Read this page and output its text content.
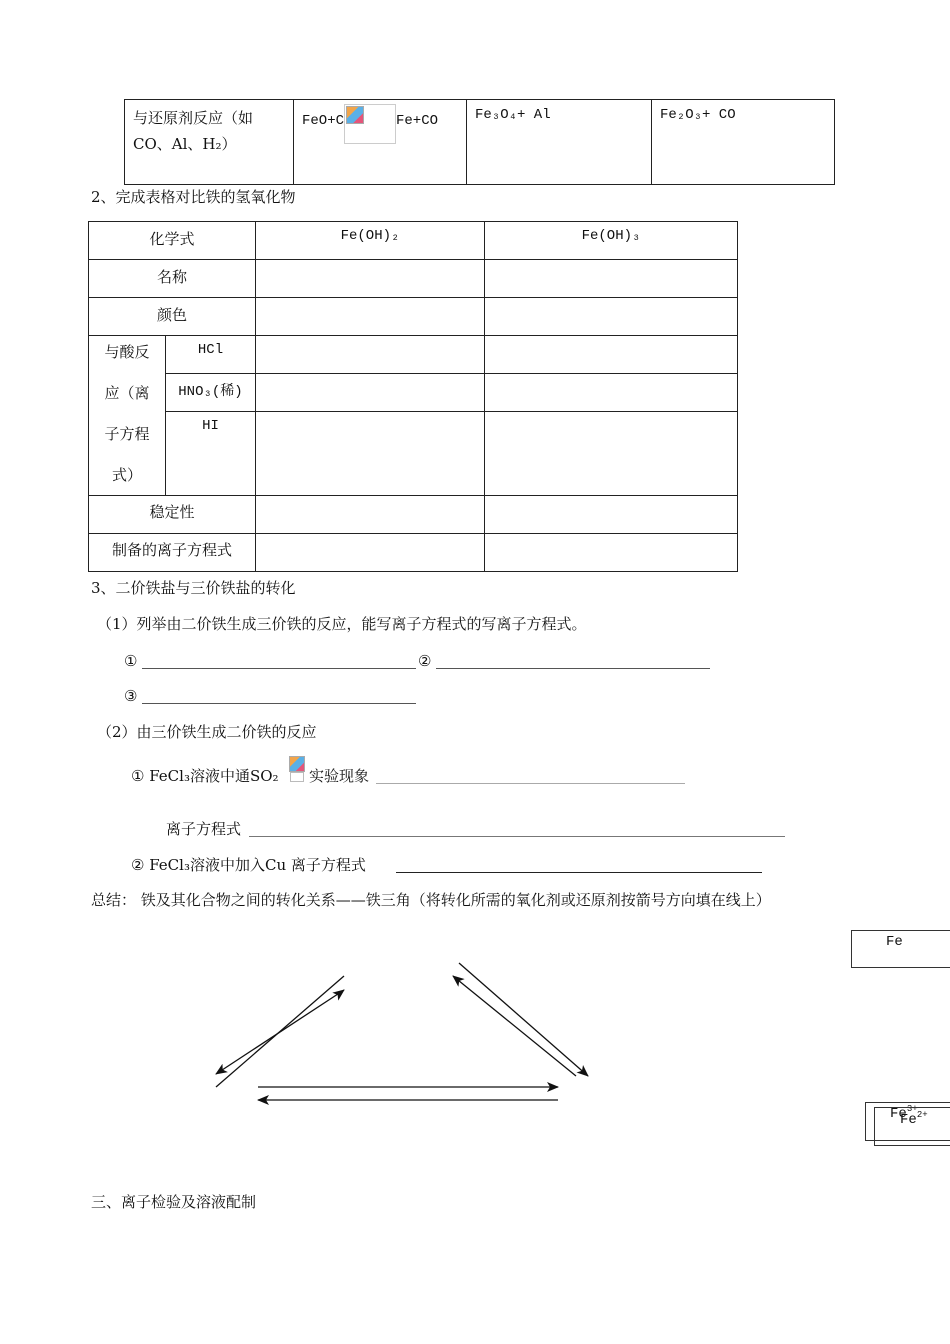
与还原剂反应（如
CO、Al、H₂）

FeO+C	Fe+CO	Fe₃O₄+ Al	Fe₂O₃+ CO
2、完成表格对比铁的氢氧化物
化学式		Fe(OH)₂	Fe(OH)₃
名称			
颜色			

与酸反
应（离
子方程
式）	HCl		
	HNO₃(稀)		
	HI		
稳定性			
制备的离子方程式			
3、二价铁盐与三价铁盐的转化
（1）列举由二价铁生成三价铁的反应，能写离子方程式的写离子方程式。
①	②
③
（2）由三价铁生成二价铁的反应
① FeCl₃溶液中通SO₂ 实验现象
离子方程式
② FeCl₃溶液中加入Cu 离子方程式
总结： 铁及其化合物之间的转化关系——铁三角（将转化所需的氧化剂或还原剂按箭号方向填在线上）
Fe
$Fe^{3+}$
$Fe^{2+}$
三、离子检验及溶液配制
